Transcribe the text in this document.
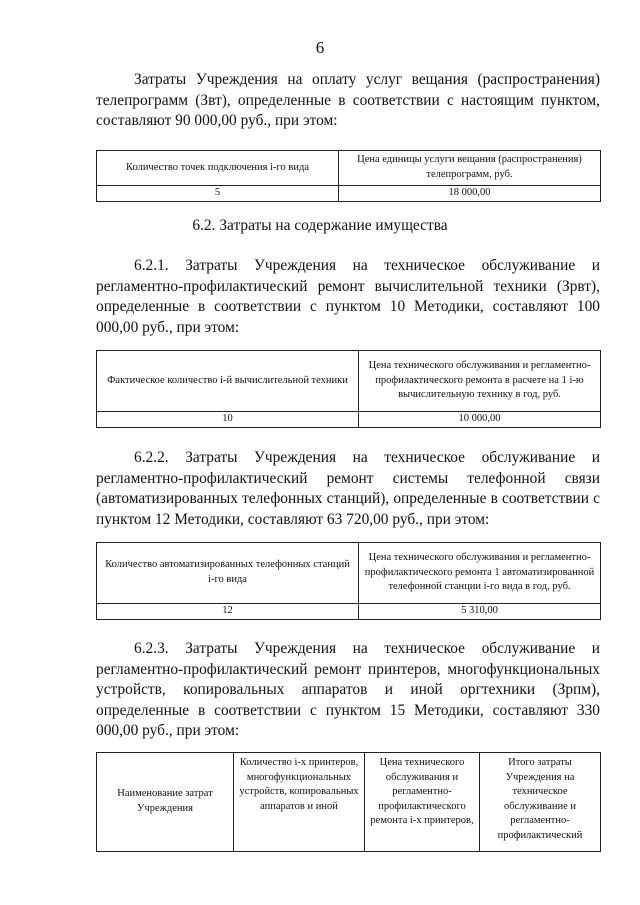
6

Затраты Учреждения на оплату услуг вещания (распространения) телепрограмм (Звт), определенные в соответствии с настоящим пунктом, составляют 90 000,00 руб., при этом:

Количество точек подключения i-го вида	Цена единицы услуги вещания (распространения) телепрограмм, руб.
5	18 000,00
6.2. Затраты на содержание имущества

6.2.1. Затраты Учреждения на техническое обслуживание и регламентно-профилактический ремонт вычислительной техники (Зрвт), определенные в соответствии с пунктом 10 Методики, составляют 100 000,00 руб., при этом:

Фактическое количество i-й вычислительной техники	Цена технического обслуживания и регламентно-профилактического ремонта в расчете на 1 i-ю вычислительную технику в год, руб.
10	10 000,00

6.2.2. Затраты Учреждения на техническое обслуживание и регламентно-профилактический ремонт системы телефонной связи (автоматизированных телефонных станций), определенные в соответствии с пунктом 12 Методики, составляют 63 720,00 руб., при этом:

Количество автоматизированных телефонных станций i-го вида	Цена технического обслуживания и регламентно-профилактического ремонта 1 автоматизированной телефонной станции i-го вида в год, руб.
12	5 310,00

6.2.3. Затраты Учреждения на техническое обслуживание и регламентно-профилактический ремонт принтеров, многофункциональных устройств, копировальных аппаратов и иной оргтехники (Зрпм), определенные в соответствии с пунктом 15 Методики, составляют 330 000,00 руб., при этом:

Наименование затрат Учреждения	Количество i-х принтеров, многофункциональных устройств, копировальных аппаратов и иной	Цена технического обслуживания и регламентно-профилактического ремонта i-х принтеров,	Итого затраты Учреждения на техническое обслуживание и регламентно-профилактический
